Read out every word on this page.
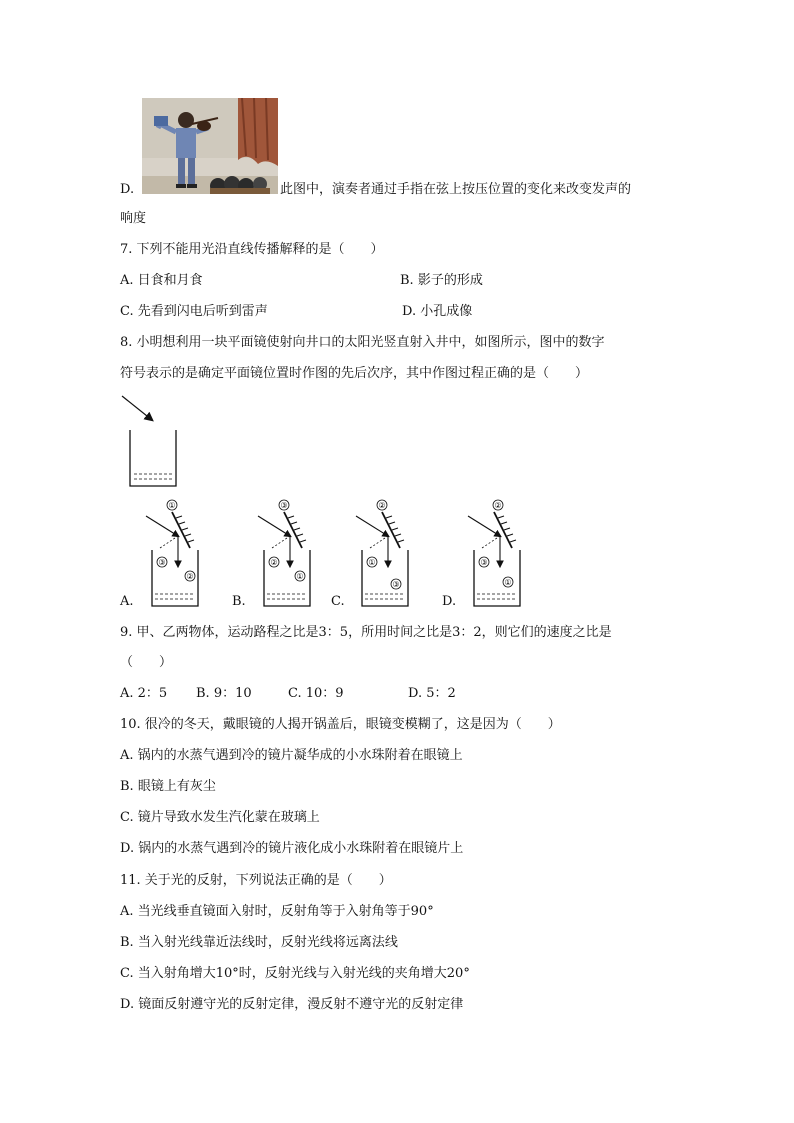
D.	此图中，演奏者通过手指在弦上按压位置的变化来改变发声的
响度
7. 下列不能用光沿直线传播解释的是（　　）
A. 日食和月食	B. 影子的形成
C. 先看到闪电后听到雷声	D. 小孔成像
8. 小明想利用一块平面镜使射向井口的太阳光竖直射入井中，如图所示，图中的数字
符号表示的是确定平面镜位置时作图的先后次序，其中作图过程正确的是（　　）
①
③
②
③
②
①
②
①
③
②
③
①
A.	B.	C.	D.
9. 甲、乙两物体，运动路程之比是3：5，所用时间之比是3：2，则它们的速度之比是
（　　）
A. 2：5 B. 9：10	C. 10：9	D. 5：2
10. 很冷的冬天，戴眼镜的人揭开锅盖后，眼镜变模糊了，这是因为（　　）
A. 锅内的水蒸气遇到冷的镜片凝华成的小水珠附着在眼镜上
B. 眼镜上有灰尘
C. 镜片导致水发生汽化蒙在玻璃上
D. 锅内的水蒸气遇到冷的镜片液化成小水珠附着在眼镜片上
11. 关于光的反射，下列说法正确的是（　　）
A. 当光线垂直镜面入射时，反射角等于入射角等于90°
B. 当入射光线靠近法线时，反射光线将远离法线
C. 当入射角增大10°时，反射光线与入射光线的夹角增大20°
D. 镜面反射遵守光的反射定律，漫反射不遵守光的反射定律
